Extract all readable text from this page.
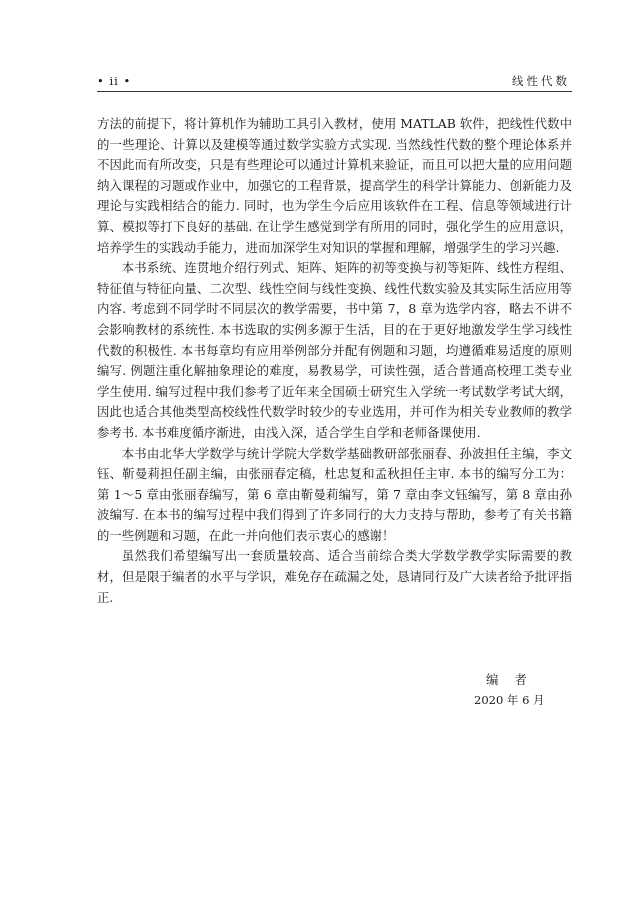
• ii •	线性代数

方法的前提下，将计算机作为辅助工具引入教材，使用 MATLAB 软件，把线性代数中的一些理论、计算以及建模等通过数学实验方式实现. 当然线性代数的整个理论体系并不因此而有所改变，只是有些理论可以通过计算机来验证，而且可以把大量的应用问题纳入课程的习题或作业中，加强它的工程背景，提高学生的科学计算能力、创新能力及理论与实践相结合的能力. 同时，也为学生今后应用该软件在工程、信息等领域进行计算、模拟等打下良好的基础. 在让学生感觉到学有所用的同时，强化学生的应用意识，培养学生的实践动手能力，进而加深学生对知识的掌握和理解，增强学生的学习兴趣.

本书系统、连贯地介绍行列式、矩阵、矩阵的初等变换与初等矩阵、线性方程组、特征值与特征向量、二次型、线性空间与线性变换、线性代数实验及其实际生活应用等内容. 考虑到不同学时不同层次的教学需要，书中第 7，8 章为选学内容，略去不讲不会影响教材的系统性. 本书选取的实例多源于生活，目的在于更好地激发学生学习线性代数的积极性. 本书每章均有应用举例部分并配有例题和习题，均遵循难易适度的原则编写. 例题注重化解抽象理论的难度，易教易学，可读性强，适合普通高校理工类专业学生使用. 编写过程中我们参考了近年来全国硕士研究生入学统一考试数学考试大纲，因此也适合其他类型高校线性代数学时较少的专业选用，并可作为相关专业教师的教学参考书. 本书难度循序渐进，由浅入深，适合学生自学和老师备课使用.

本书由北华大学数学与统计学院大学数学基础教研部张丽春、孙波担任主编，李文钰、靳曼莉担任副主编，由张丽春定稿，杜忠复和孟秋担任主审. 本书的编写分工为：第 1～5 章由张丽春编写，第 6 章由靳曼莉编写，第 7 章由李文钰编写，第 8 章由孙波编写. 在本书的编写过程中我们得到了许多同行的大力支持与帮助，参考了有关书籍的一些例题和习题，在此一并向他们表示衷心的感谢！

虽然我们希望编写出一套质量较高、适合当前综合类大学数学教学实际需要的教材，但是限于编者的水平与学识，难免存在疏漏之处，恳请同行及广大读者给予批评指正.

编者
2020 年 6 月
